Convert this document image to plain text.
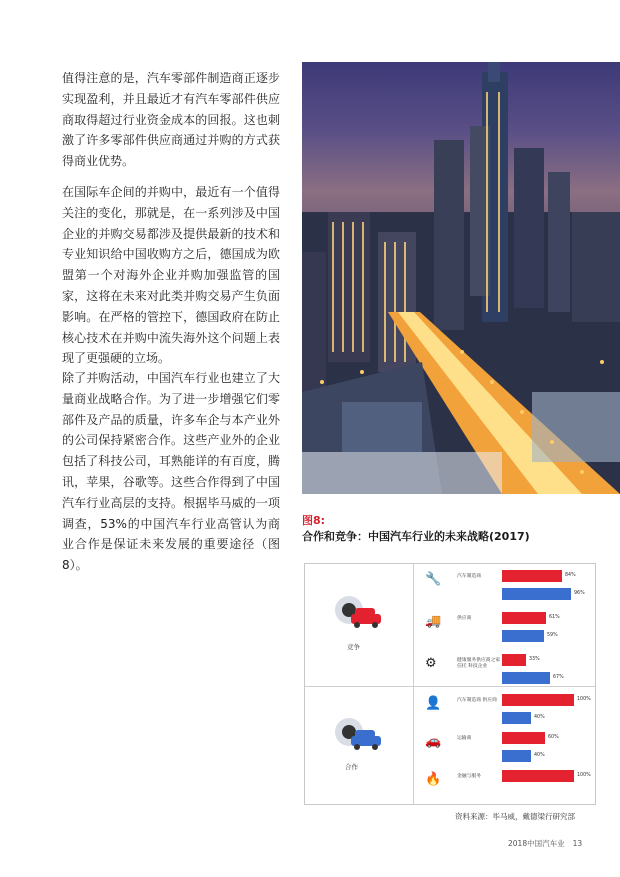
值得注意的是，汽车零部件制造商正逐步实现盈利，并且最近才有汽车零部件供应商取得超过行业资金成本的回报。这也刺激了许多零部件供应商通过并购的方式获得商业优势。

在国际车企间的并购中，最近有一个值得关注的变化，那就是，在一系列涉及中国企业的并购交易都涉及提供最新的技术和专业知识给中国收购方之后，德国成为欧盟第一个对海外企业并购加强监管的国家，这将在未来对此类并购交易产生负面影响。在严格的管控下，德国政府在防止核心技术在并购中流失海外这个问题上表现了更强硬的立场。

除了并购活动，中国汽车行业也建立了大量商业战略合作。为了进一步增强它们零部件及产品的质量，许多车企与本产业外的公司保持紧密合作。这些产业外的企业包括了科技公司，耳熟能详的有百度，腾讯，苹果，谷歌等。这些合作得到了中国汽车行业高层的支持。根据毕马威的一项调查，53%的中国汽车行业高管认为商业合作是保证未来发展的重要途径（图8）。

图8:
合作和竞争：中国汽车行业的未来战略(2017)
竞争
合作
🔧	汽车制造商	84%
96%
🚚	供应商	61%
59%
⚙	健康服务供应商之家 信托 科技企业
33%
67%
👤	汽车制造商 供应商	100%
40%
🚗	运输商	60%
40%
🔥	金融与服务	100%
资料来源：毕马威，戴德梁行研究部
2018中国汽车业 13
